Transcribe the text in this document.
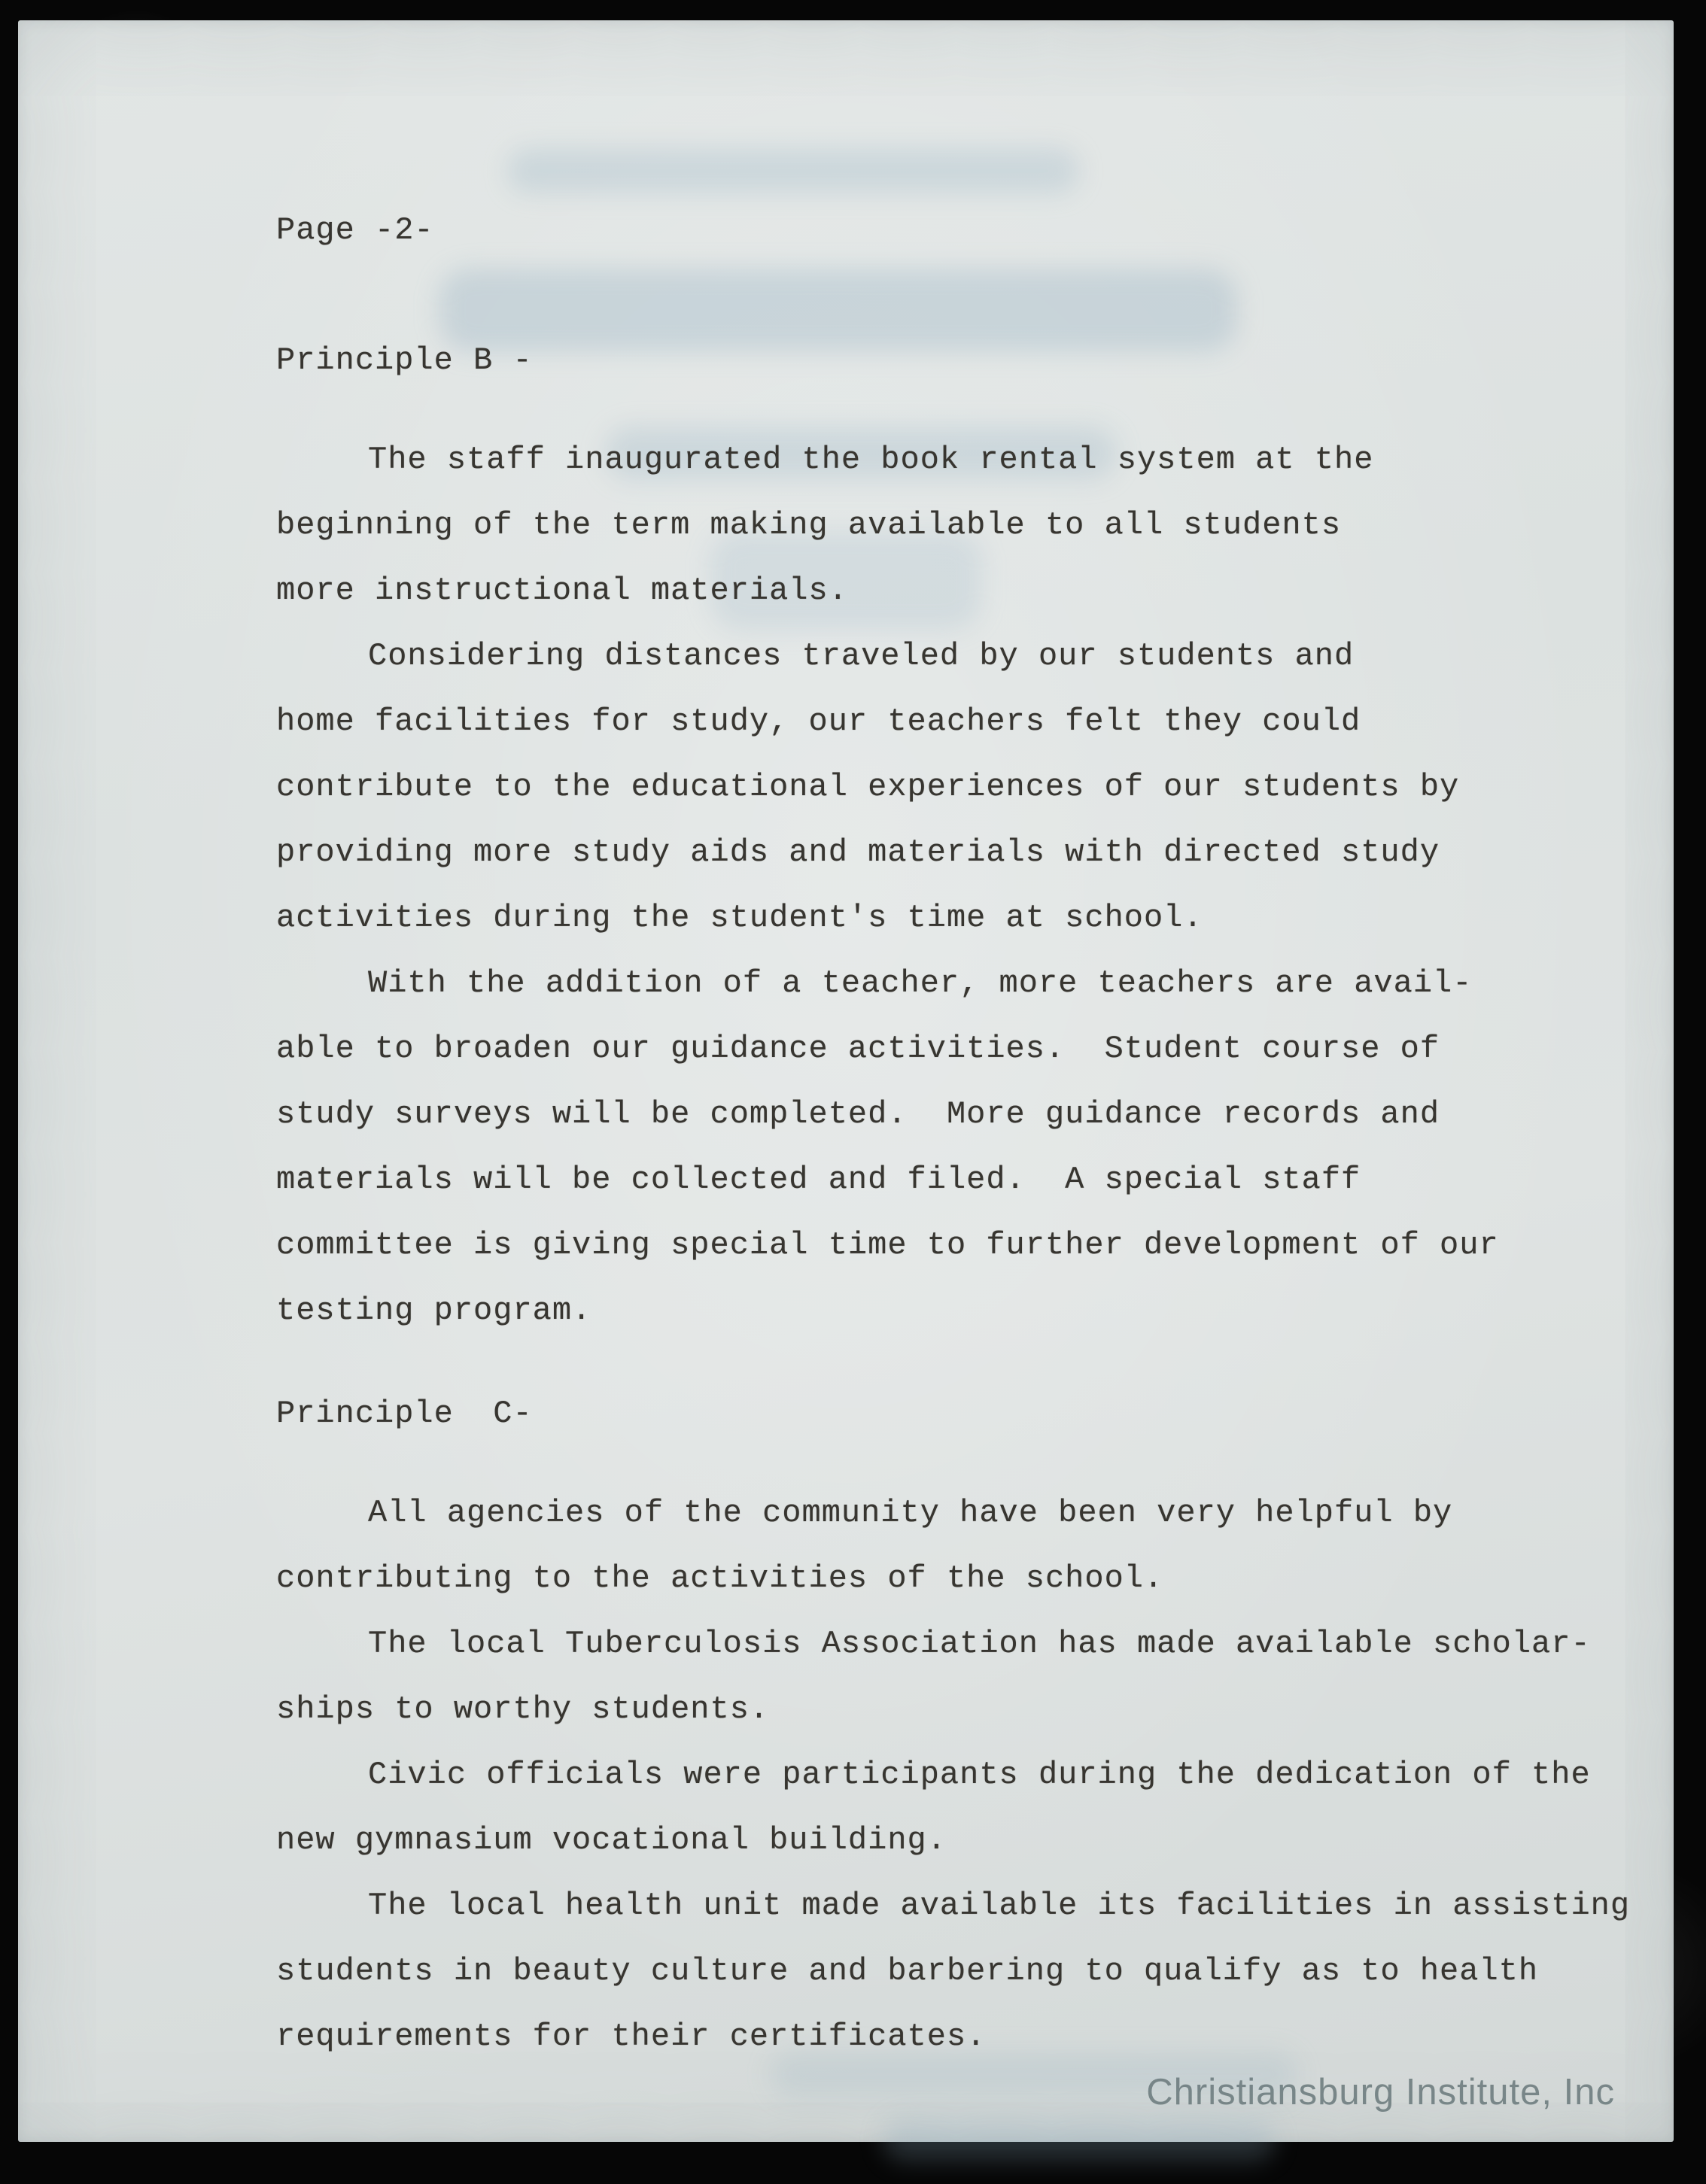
Page -2-
Principle B -
The staff inaugurated the book rental system at the
beginning of the term making available to all students
more instructional materials.
Considering distances traveled by our students and
home facilities for study, our teachers felt they could
contribute to the educational experiences of our students by
providing more study aids and materials with directed study
activities during the student's time at school.
With the addition of a teacher, more teachers are avail-
able to broaden our guidance activities.  Student course of
study surveys will be completed.  More guidance records and
materials will be collected and filed.  A special staff
committee is giving special time to further development of our
testing program.
Principle  C-
All agencies of the community have been very helpful by
contributing to the activities of the school.
The local Tuberculosis Association has made available scholar-
ships to worthy students.
Civic officials were participants during the dedication of the
new gymnasium vocational building.
The local health unit made available its facilities in assisting
students in beauty culture and barbering to qualify as to health
requirements for their certificates.
Christiansburg Institute, Inc
